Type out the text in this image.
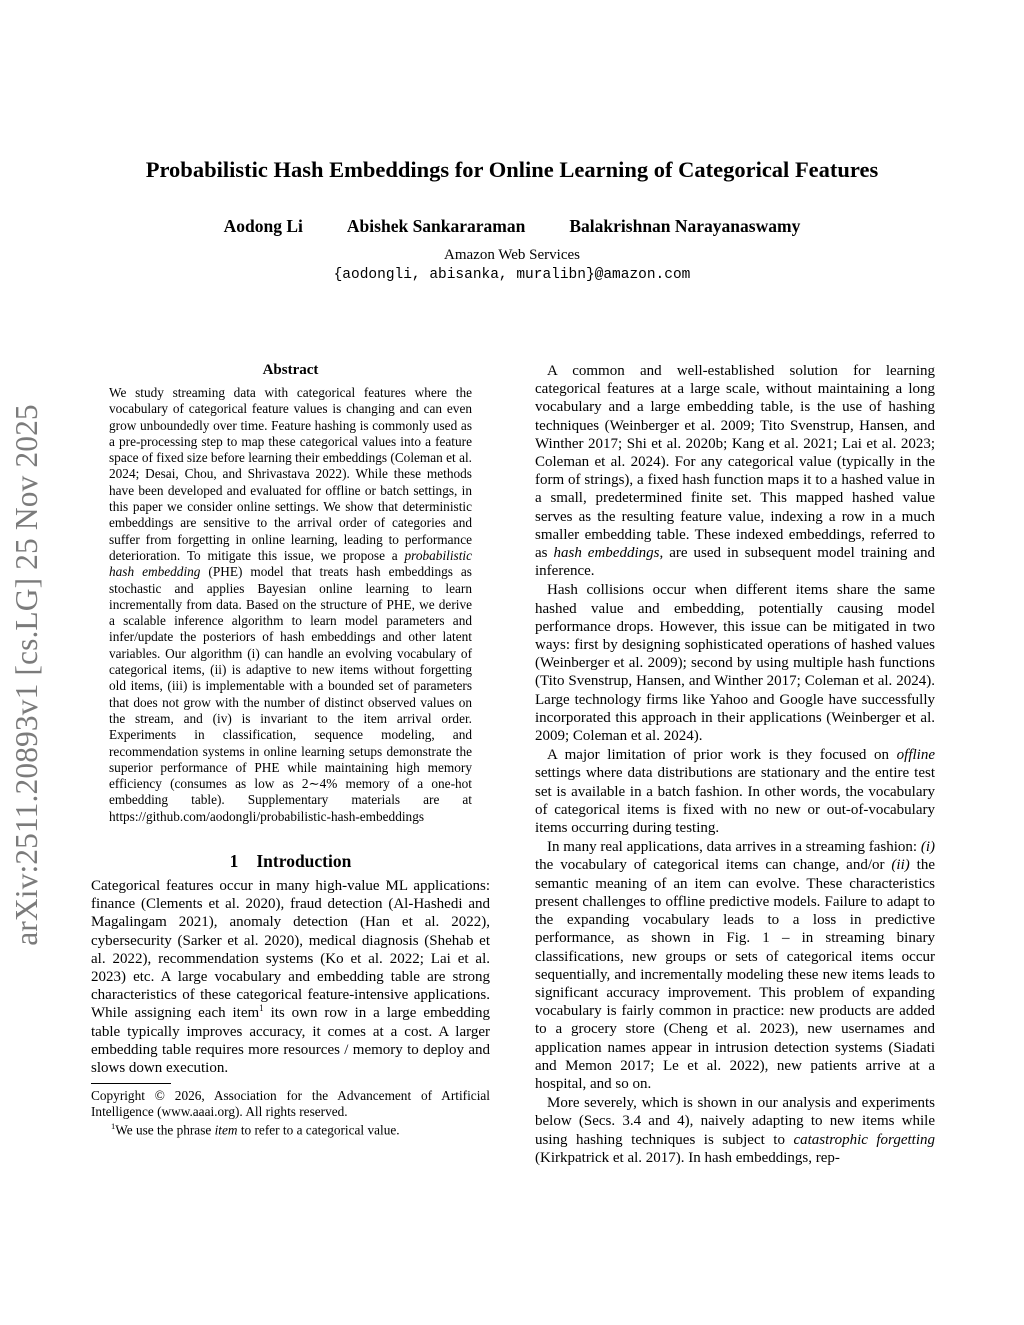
arXiv:2511.20893v1 [cs.LG] 25 Nov 2025
Probabilistic Hash Embeddings for Online Learning of Categorical Features
Aodong Li	Abishek Sankararaman	Balakrishnan Narayanaswamy
Amazon Web Services
{aodongli, abisanka, muralibn}@amazon.com
Abstract

We study streaming data with categorical features where the vocabulary of categorical feature values is changing and can even grow unboundedly over time. Feature hashing is commonly used as a pre-processing step to map these categorical values into a feature space of fixed size before learning their embeddings (Coleman et al. 2024; Desai, Chou, and Shrivastava 2022). While these methods have been developed and evaluated for offline or batch settings, in this paper we consider online settings. We show that deterministic embeddings are sensitive to the arrival order of categories and suffer from forgetting in online learning, leading to performance deterioration. To mitigate this issue, we propose a probabilistic hash embedding (PHE) model that treats hash embeddings as stochastic and applies Bayesian online learning to learn incrementally from data. Based on the structure of PHE, we derive a scalable inference algorithm to learn model parameters and infer/update the posteriors of hash embeddings and other latent variables. Our algorithm (i) can handle an evolving vocabulary of categorical items, (ii) is adaptive to new items without forgetting old items, (iii) is implementable with a bounded set of parameters that does not grow with the number of distinct observed values on the stream, and (iv) is invariant to the item arrival order. Experiments in classification, sequence modeling, and recommendation systems in online learning setups demonstrate the superior performance of PHE while maintaining high memory efficiency (consumes as low as 2∼4% memory of a one-hot embedding table). Supplementary materials are at https://github.com/aodongli/probabilistic-hash-embeddings

1 Introduction

Categorical features occur in many high-value ML applications: finance (Clements et al. 2020), fraud detection (Al-Hashedi and Magalingam 2021), anomaly detection (Han et al. 2022), cybersecurity (Sarker et al. 2020), medical diagnosis (Shehab et al. 2022), recommendation systems (Ko et al. 2022; Lai et al. 2023) etc. A large vocabulary and embedding table are strong characteristics of these categorical feature-intensive applications. While assigning each item$^1$ its own row in a large embedding table typically improves accuracy, it comes at a cost. A larger embedding table requires more resources / memory to deploy and slows down execution.

Copyright © 2026, Association for the Advancement of Artificial Intelligence (www.aaai.org). All rights reserved.

$^1$We use the phrase item to refer to a categorical value.

A common and well-established solution for learning categorical features at a large scale, without maintaining a long vocabulary and a large embedding table, is the use of hashing techniques (Weinberger et al. 2009; Tito Svenstrup, Hansen, and Winther 2017; Shi et al. 2020b; Kang et al. 2021; Lai et al. 2023; Coleman et al. 2024). For any categorical value (typically in the form of strings), a fixed hash function maps it to a hashed value in a small, predetermined finite set. This mapped hashed value serves as the resulting feature value, indexing a row in a much smaller embedding table. These indexed embeddings, referred to as hash embeddings, are used in subsequent model training and inference.

Hash collisions occur when different items share the same hashed value and embedding, potentially causing model performance drops. However, this issue can be mitigated in two ways: first by designing sophisticated operations of hashed values (Weinberger et al. 2009); second by using multiple hash functions (Tito Svenstrup, Hansen, and Winther 2017; Coleman et al. 2024). Large technology firms like Yahoo and Google have successfully incorporated this approach in their applications (Weinberger et al. 2009; Coleman et al. 2024).

A major limitation of prior work is they focused on offline settings where data distributions are stationary and the entire test set is available in a batch fashion. In other words, the vocabulary of categorical items is fixed with no new or out-of-vocabulary items occurring during testing.

In many real applications, data arrives in a streaming fashion: (i) the vocabulary of categorical items can change, and/or (ii) the semantic meaning of an item can evolve. These characteristics present challenges to offline predictive models. Failure to adapt to the expanding vocabulary leads to a loss in predictive performance, as shown in Fig. 1 – in streaming binary classifications, new groups or sets of categorical items occur sequentially, and incrementally modeling these new items leads to significant accuracy improvement. This problem of expanding vocabulary is fairly common in practice: new products are added to a grocery store (Cheng et al. 2023), new usernames and application names appear in intrusion detection systems (Siadati and Memon 2017; Le et al. 2022), new patients arrive at a hospital, and so on.

More severely, which is shown in our analysis and experiments below (Secs. 3.4 and 4), naively adapting to new items while using hashing techniques is subject to catastrophic forgetting (Kirkpatrick et al. 2017). In hash embeddings, rep-
